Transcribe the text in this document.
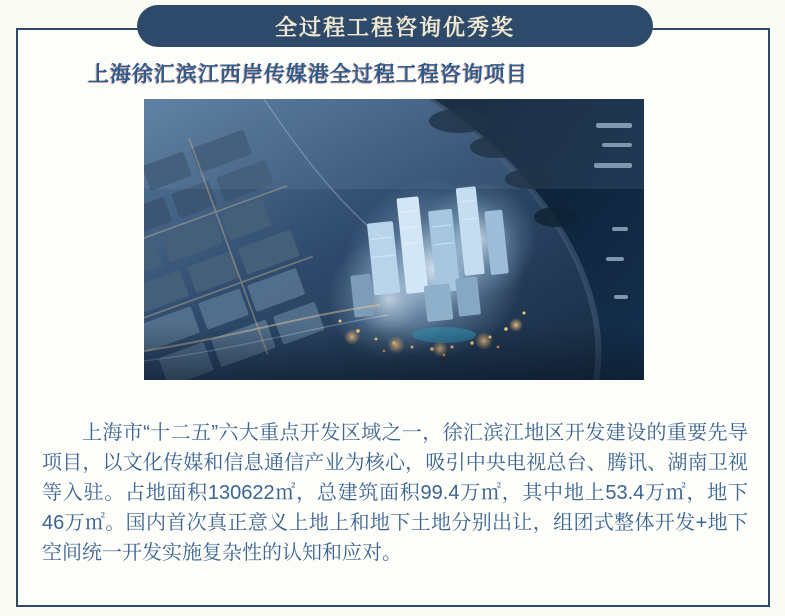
全过程工程咨询优秀奖
上海徐汇滨江西岸传媒港全过程工程咨询项目

上海市“十二五”六大重点开发区域之一，徐汇滨江地区开发建设的重要先导项目，以文化传媒和信息通信产业为核心，吸引中央电视总台、腾讯、湖南卫视等入驻。占地面积130622㎡，总建筑面积99.4万㎡，其中地上53.4万㎡，地下46万㎡。国内首次真正意义上地上和地下土地分别出让，组团式整体开发+地下空间统一开发实施复杂性的认知和应对。
